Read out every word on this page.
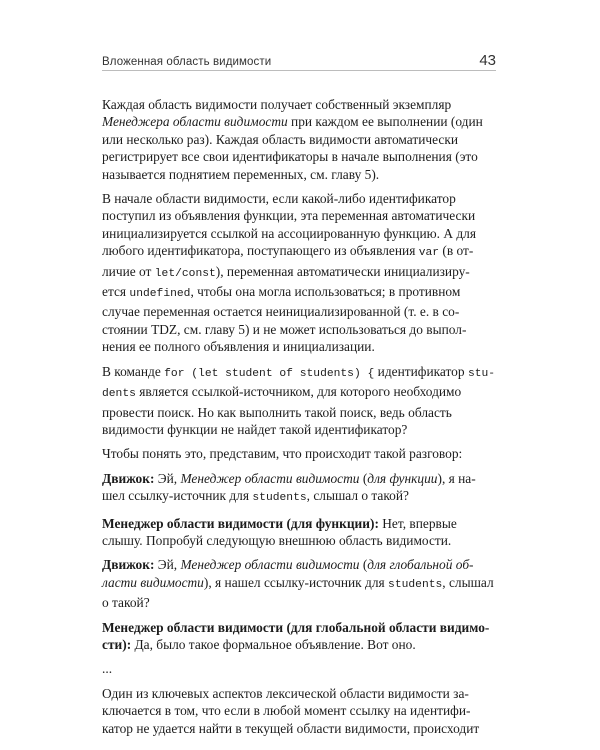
Вложенная область видимости	43

Каждая область видимости получает собственный экземпляр
Менеджера области видимости при каждом ее выполнении (один
или несколько раз). Каждая область видимости автоматически
регистрирует все свои идентификаторы в начале выполнения (это
называется поднятием переменных, см. главу 5).

В начале области видимости, если какой-либо идентификатор
поступил из объявления функции, эта переменная автоматически
инициализируется ссылкой на ассоциированную функцию. А для
любого идентификатора, поступающего из объявления var (в от-
личие от let/const), переменная автоматически инициализиру-
ется undefined, чтобы она могла использоваться; в противном
случае переменная остается неинициализированной (т. е. в со-
стоянии TDZ, см. главу 5) и не может использоваться до выпол-
нения ее полного объявления и инициализации.

В команде for (let student of students) { идентификатор stu-
dents является ссылкой-источником, для которого необходимо
провести поиск. Но как выполнить такой поиск, ведь область
видимости функции не найдет такой идентификатор?

Чтобы понять это, представим, что происходит такой разговор:

Движок: Эй, Менеджер области видимости (для функции), я на-
шел ссылку-источник для students, слышал о такой?

Менеджер области видимости (для функции): Нет, впервые
слышу. Попробуй следующую внешнюю область видимости.

Движок: Эй, Менеджер области видимости (для глобальной об-
ласти видимости), я нашел ссылку-источник для students, слышал
о такой?

Менеджер области видимости (для глобальной области видимо-
сти): Да, было такое формальное объявление. Вот оно.

...

Один из ключевых аспектов лексической области видимости за-
ключается в том, что если в любой момент ссылку на идентифи-
катор не удается найти в текущей области видимости, происходит
